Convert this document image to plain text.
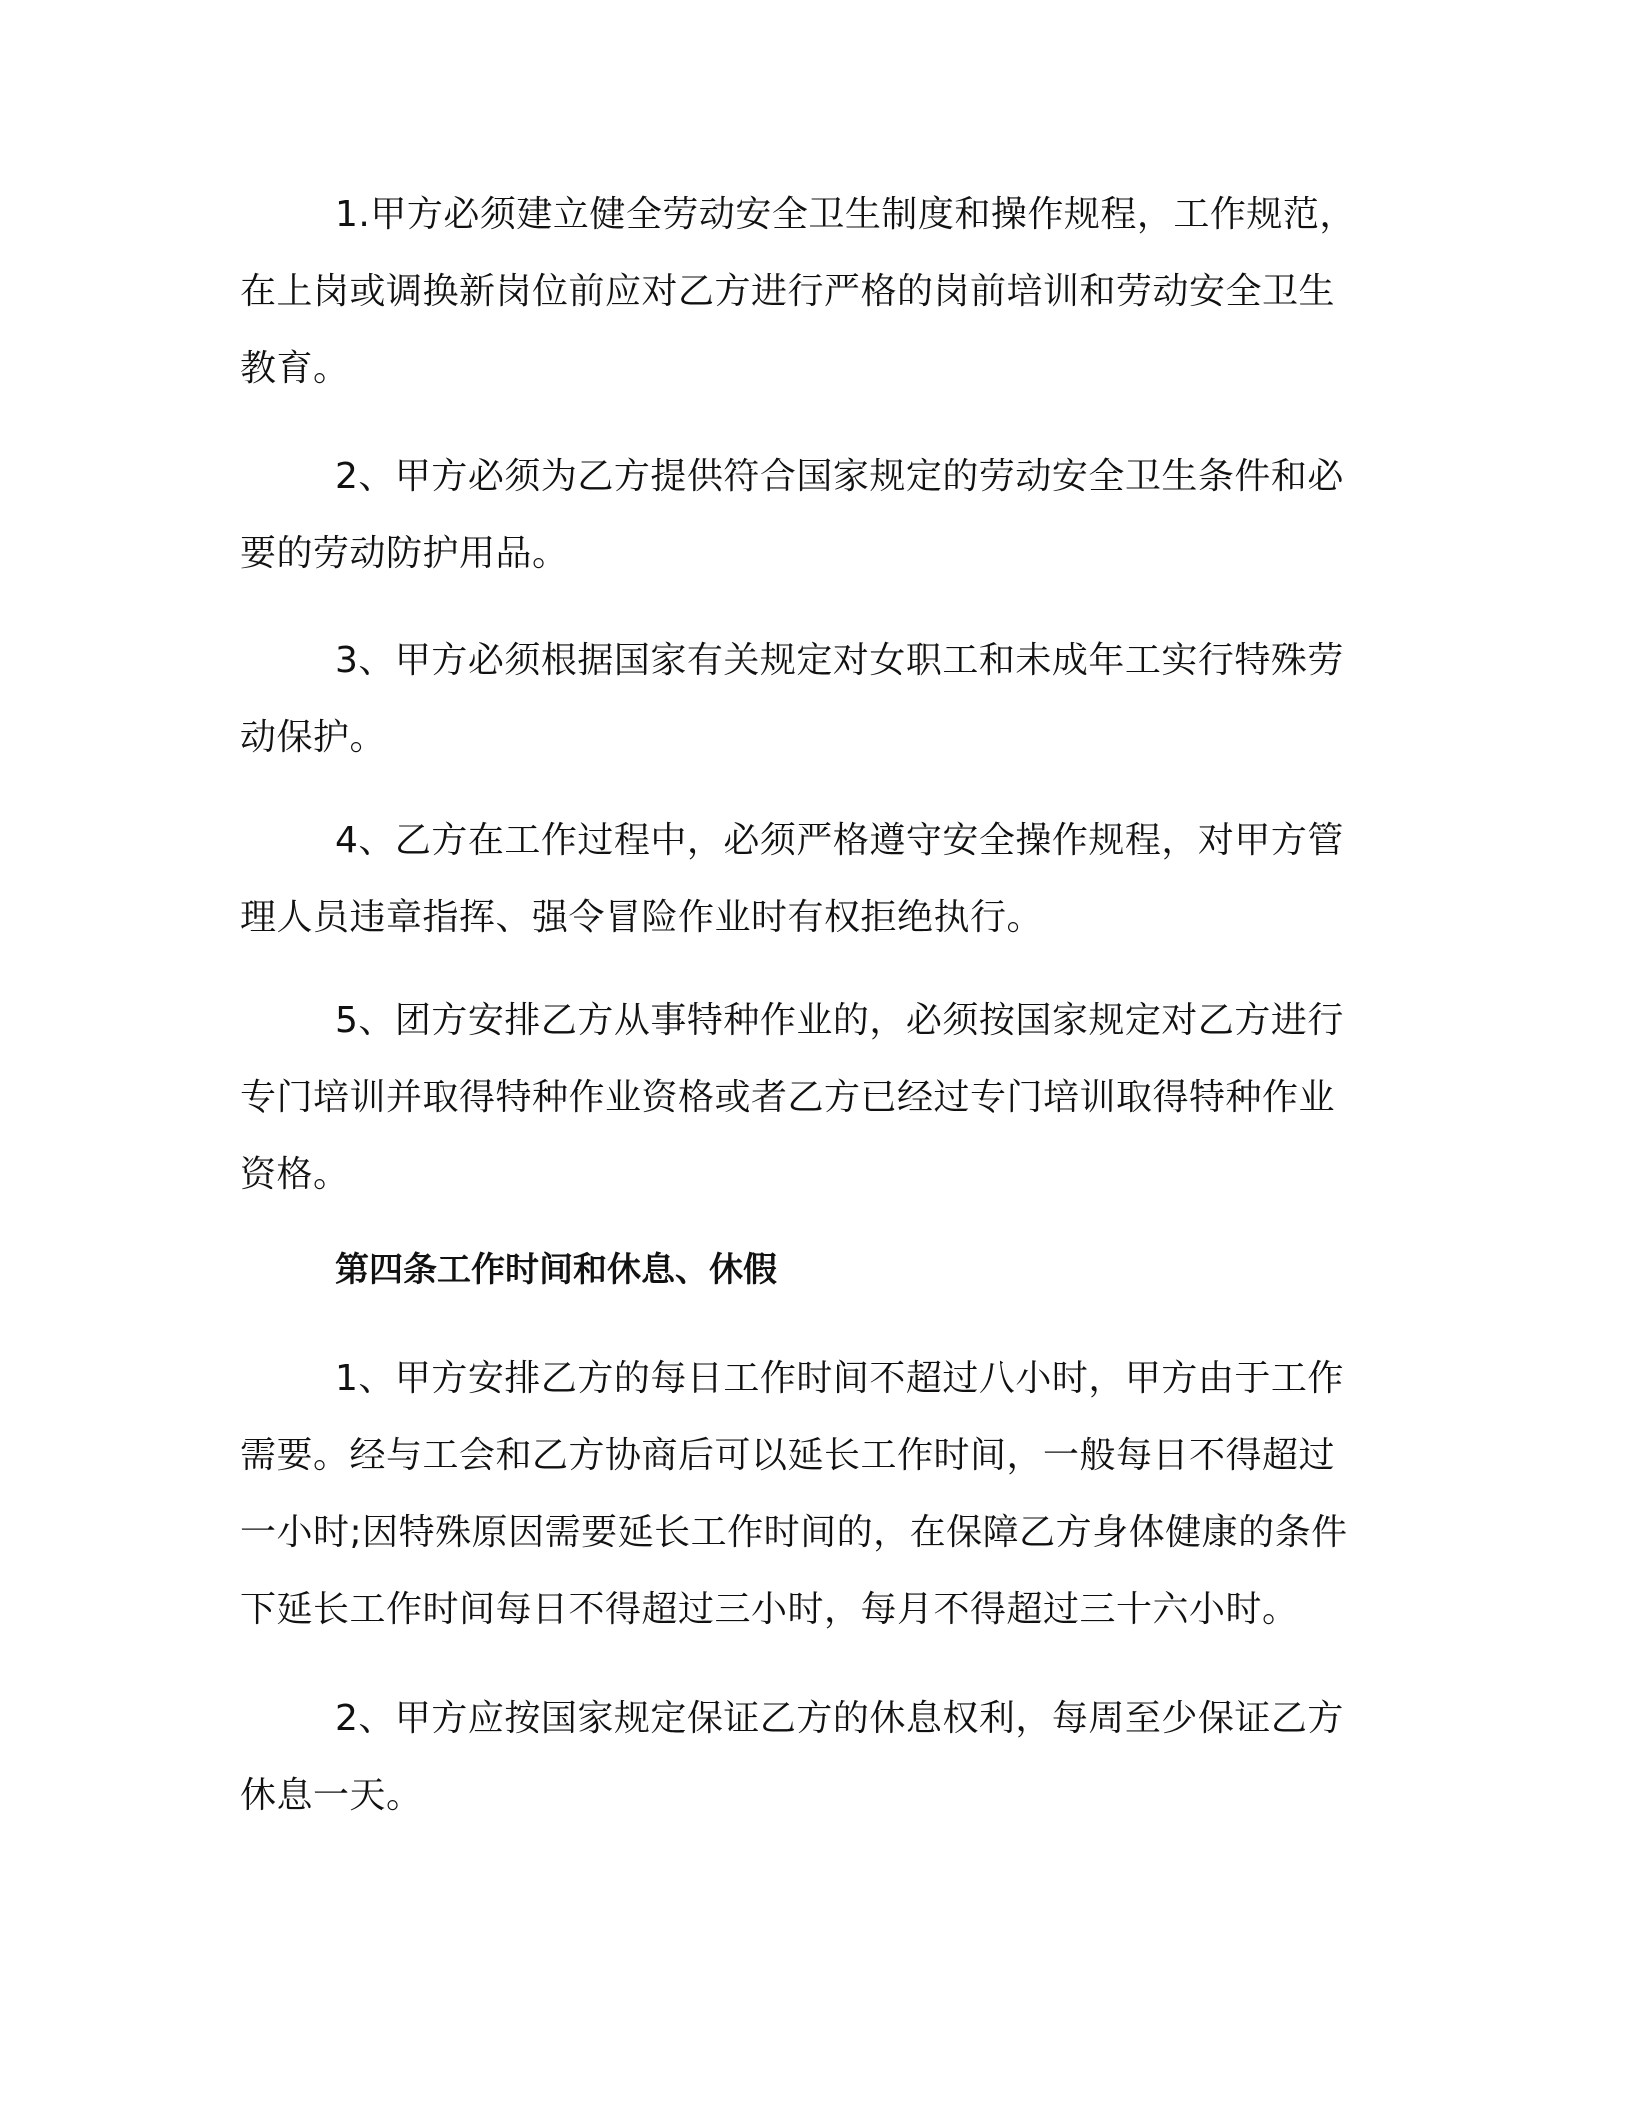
1.甲方必须建立健全劳动安全卫生制度和操作规程，工作规范，在上岗或调换新岗位前应对乙方进行严格的岗前培训和劳动安全卫生教育。

2、甲方必须为乙方提供符合国家规定的劳动安全卫生条件和必要的劳动防护用品。

3、甲方必须根据国家有关规定对女职工和未成年工实行特殊劳动保护。

4、乙方在工作过程中，必须严格遵守安全操作规程，对甲方管理人员违章指挥、强令冒险作业时有权拒绝执行。

5、团方安排乙方从事特种作业的，必须按国家规定对乙方进行专门培训并取得特种作业资格或者乙方已经过专门培训取得特种作业资格。

第四条工作时间和休息、休假

1、甲方安排乙方的每日工作时间不超过八小时，甲方由于工作需要。经与工会和乙方协商后可以延长工作时间，一般每日不得超过一小时;因特殊原因需要延长工作时间的，在保障乙方身体健康的条件下延长工作时间每日不得超过三小时，每月不得超过三十六小时。

2、甲方应按国家规定保证乙方的休息权利，每周至少保证乙方休息一天。
